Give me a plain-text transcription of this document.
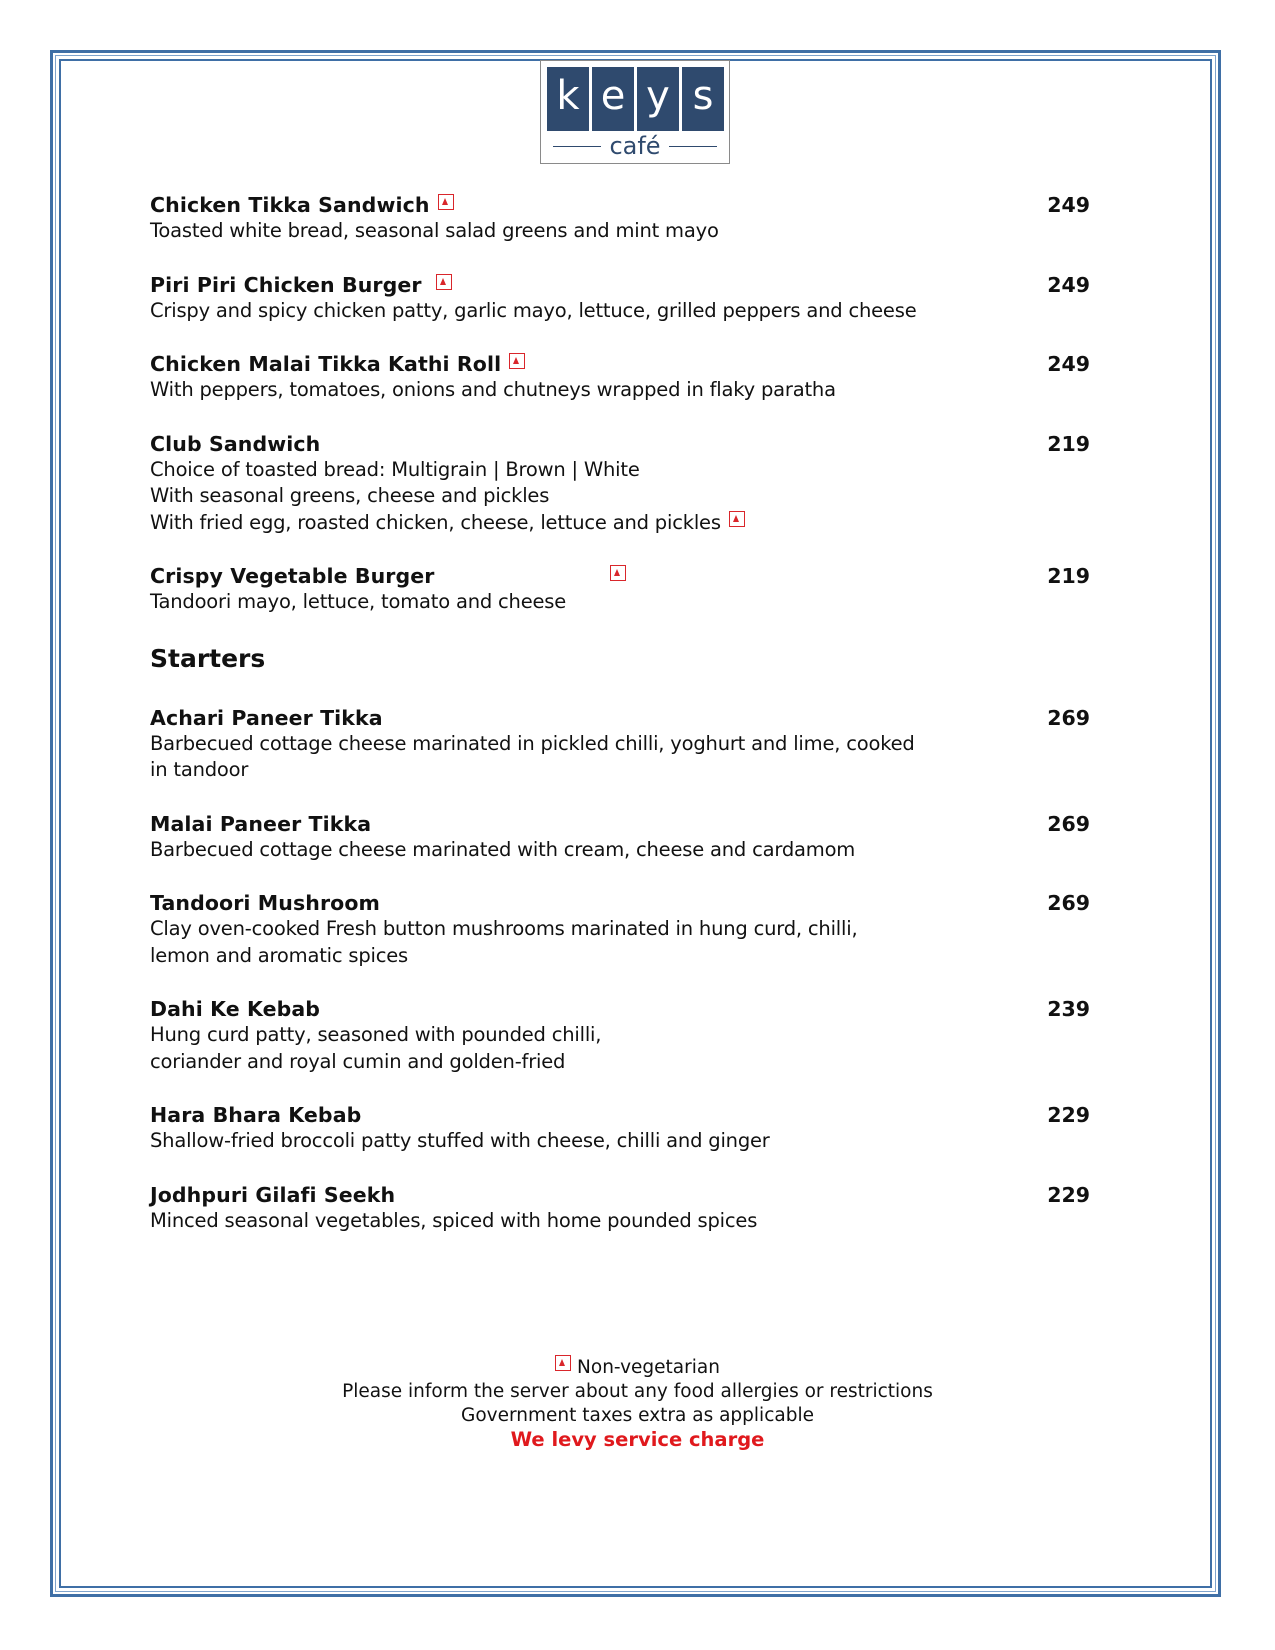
k e y s
café
Chicken Tikka Sandwich	249
Toasted white bread, seasonal salad greens and mint mayo
Piri Piri Chicken Burger	249
Crispy and spicy chicken patty, garlic mayo, lettuce, grilled peppers and cheese
Chicken Malai Tikka Kathi Roll	249
With peppers, tomatoes, onions and chutneys wrapped in flaky paratha
Club Sandwich	219
Choice of toasted bread: Multigrain | Brown | White
With seasonal greens, cheese and pickles
With fried egg, roasted chicken, cheese, lettuce and pickles
Crispy Vegetable Burger	219
Tandoori mayo, lettuce, tomato and cheese
Starters
Achari Paneer Tikka	269
Barbecued cottage cheese marinated in pickled chilli, yoghurt and lime, cooked
in tandoor
Malai Paneer Tikka	269
Barbecued cottage cheese marinated with cream, cheese and cardamom
Tandoori Mushroom	269
Clay oven-cooked Fresh button mushrooms marinated in hung curd, chilli,
lemon and aromatic spices
Dahi Ke Kebab	239
Hung curd patty, seasoned with pounded chilli,
coriander and royal cumin and golden-fried
Hara Bhara Kebab	229
Shallow-fried broccoli patty stuffed with cheese, chilli and ginger
Jodhpuri Gilafi Seekh	229
Minced seasonal vegetables, spiced with home pounded spices
Non-vegetarian
Please inform the server about any food allergies or restrictions
Government taxes extra as applicable
We levy service charge
